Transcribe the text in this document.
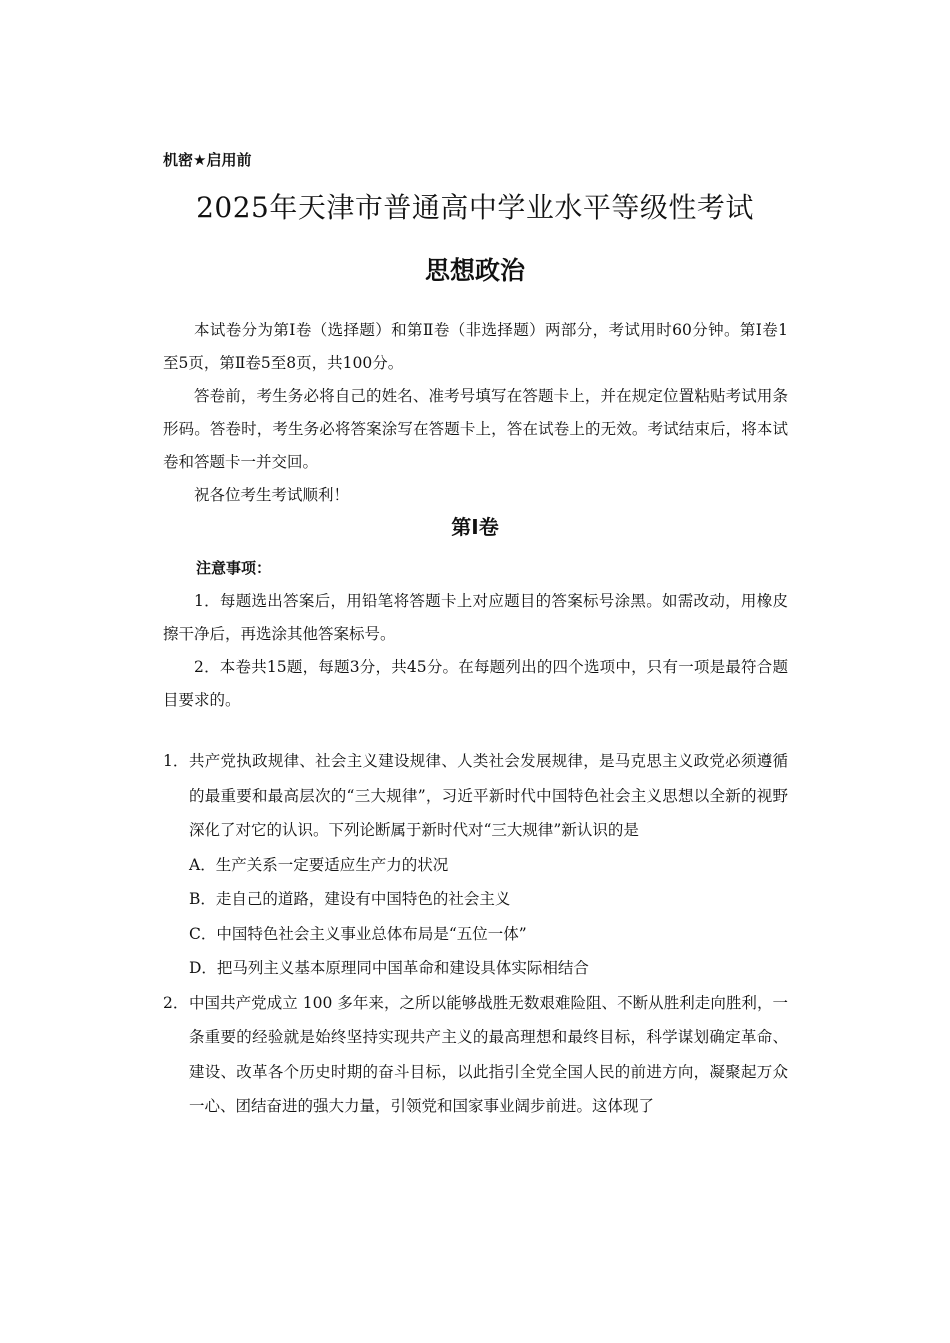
机密★启用前
2025年天津市普通高中学业水平等级性考试
思想政治

本试卷分为第Ⅰ卷（选择题）和第Ⅱ卷（非选择题）两部分，考试用时60分钟。第Ⅰ卷1至5页，第Ⅱ卷5至8页，共100分。

答卷前，考生务必将自己的姓名、准考号填写在答题卡上，并在规定位置粘贴考试用条形码。答卷时，考生务必将答案涂写在答题卡上，答在试卷上的无效。考试结束后，将本试卷和答题卡一并交回。

祝各位考生考试顺利！

第Ⅰ卷

注意事项：

1．每题选出答案后，用铅笔将答题卡上对应题目的答案标号涂黑。如需改动，用橡皮擦干净后，再选涂其他答案标号。

2．本卷共15题，每题3分，共45分。在每题列出的四个选项中，只有一项是最符合题目要求的。

1． 共产党执政规律、社会主义建设规律、人类社会发展规律，是马克思主义政党必须遵循的最重要和最高层次的“三大规律”，习近平新时代中国特色社会主义思想以全新的视野深化了对它的认识。下列论断属于新时代对“三大规律”新认识的是

A．生产关系一定要适应生产力的状况
B．走自己的道路，建设有中国特色的社会主义
C．中国特色社会主义事业总体布局是“五位一体”
D．把马列主义基本原理同中国革命和建设具体实际相结合
2． 中国共产党成立 100 多年来，之所以能够战胜无数艰难险阻、不断从胜利走向胜利，一条重要的经验就是始终坚持实现共产主义的最高理想和最终目标，科学谋划确定革命、建设、改革各个历史时期的奋斗目标，以此指引全党全国人民的前进方向，凝聚起万众一心、团结奋进的强大力量，引领党和国家事业阔步前进。这体现了
